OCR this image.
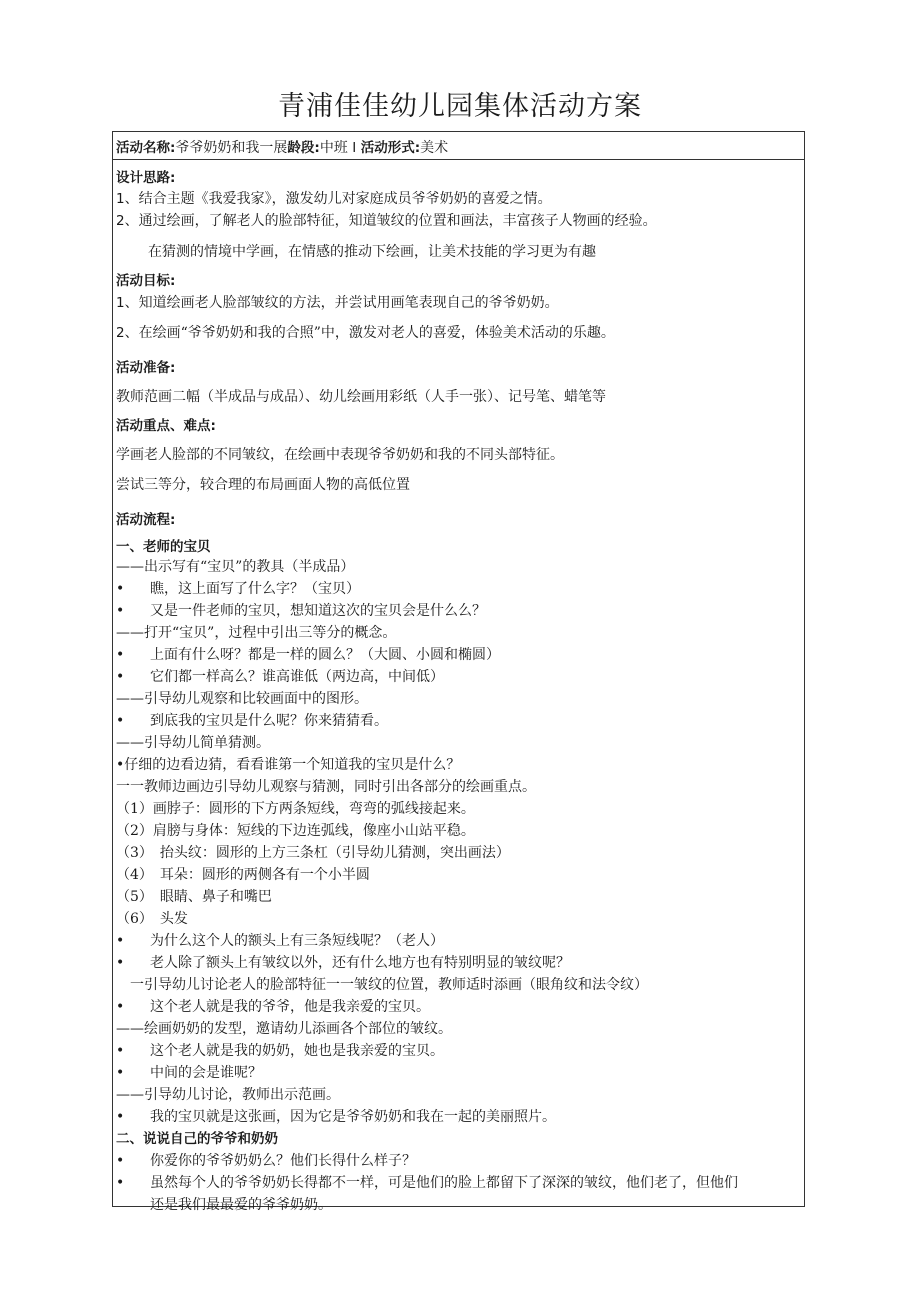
青浦佳佳幼儿园集体活动方案
活动名称:爷爷奶奶和我一展龄段:中班 I 活动形式:美术
设计思路:
1、结合主题《我爱我家》，激发幼儿对家庭成员爷爷奶奶的喜爱之情。
2、通过绘画，了解老人的脸部特征，知道皱纹的位置和画法，丰富孩子人物画的经验。
在猜测的情境中学画，在情感的推动下绘画，让美术技能的学习更为有趣
活动目标:
1、知道绘画老人脸部皱纹的方法，并尝试用画笔表现自己的爷爷奶奶。
2、在绘画“爷爷奶奶和我的合照”中，激发对老人的喜爱，体验美术活动的乐趣。
活动准备:
教师范画二幅（半成品与成品）、幼儿绘画用彩纸（人手一张）、记号笔、蜡笔等
活动重点、难点:
学画老人脸部的不同皱纹，在绘画中表现爷爷奶奶和我的不同头部特征。
尝试三等分，较合理的布局画面人物的高低位置
活动流程:
一、老师的宝贝
——出示写有“宝贝”的教具（半成品）
• 瞧，这上面写了什么字？（宝贝）
• 又是一件老师的宝贝，想知道这次的宝贝会是什么么？
——打开“宝贝”，过程中引出三等分的概念。
• 上面有什么呀？都是一样的圆么？（大圆、小圆和椭圆）
• 它们都一样高么？谁高谁低（两边高，中间低）
——引导幼儿观察和比较画面中的图形。
• 到底我的宝贝是什么呢？你来猜猜看。
——引导幼儿简单猜测。
•仔细的边看边猜，看看谁第一个知道我的宝贝是什么？
一一教师边画边引导幼儿观察与猜测，同时引出各部分的绘画重点。
（1）画脖子：圆形的下方两条短线，弯弯的弧线接起来。
（2）肩膀与身体：短线的下边连弧线，像座小山站平稳。
（3）　抬头纹：圆形的上方三条杠（引导幼儿猜测，突出画法）
（4）　耳朵：圆形的两侧各有一个小半圆
（5）　眼睛、鼻子和嘴巴
（6）　头发
• 为什么这个人的额头上有三条短线呢？（老人）
• 老人除了额头上有皱纹以外，还有什么地方也有特别明显的皱纹呢？
一引导幼儿讨论老人的脸部特征一一皱纹的位置，教师适时添画（眼角纹和法令纹）
• 这个老人就是我的爷爷，他是我亲爱的宝贝。
——绘画奶奶的发型，邀请幼儿添画各个部位的皱纹。
• 这个老人就是我的奶奶，她也是我亲爱的宝贝。
• 中间的会是谁呢？
——引导幼儿讨论，教师出示范画。
• 我的宝贝就是这张画，因为它是爷爷奶奶和我在一起的美丽照片。
二、说说自己的爷爷和奶奶
• 你爱你的爷爷奶奶么？他们长得什么样子？
• 虽然每个人的爷爷奶奶长得都不一样，可是他们的脸上都留下了深深的皱纹，他们老了，但他们
还是我们最最爱的爷爷奶奶。
